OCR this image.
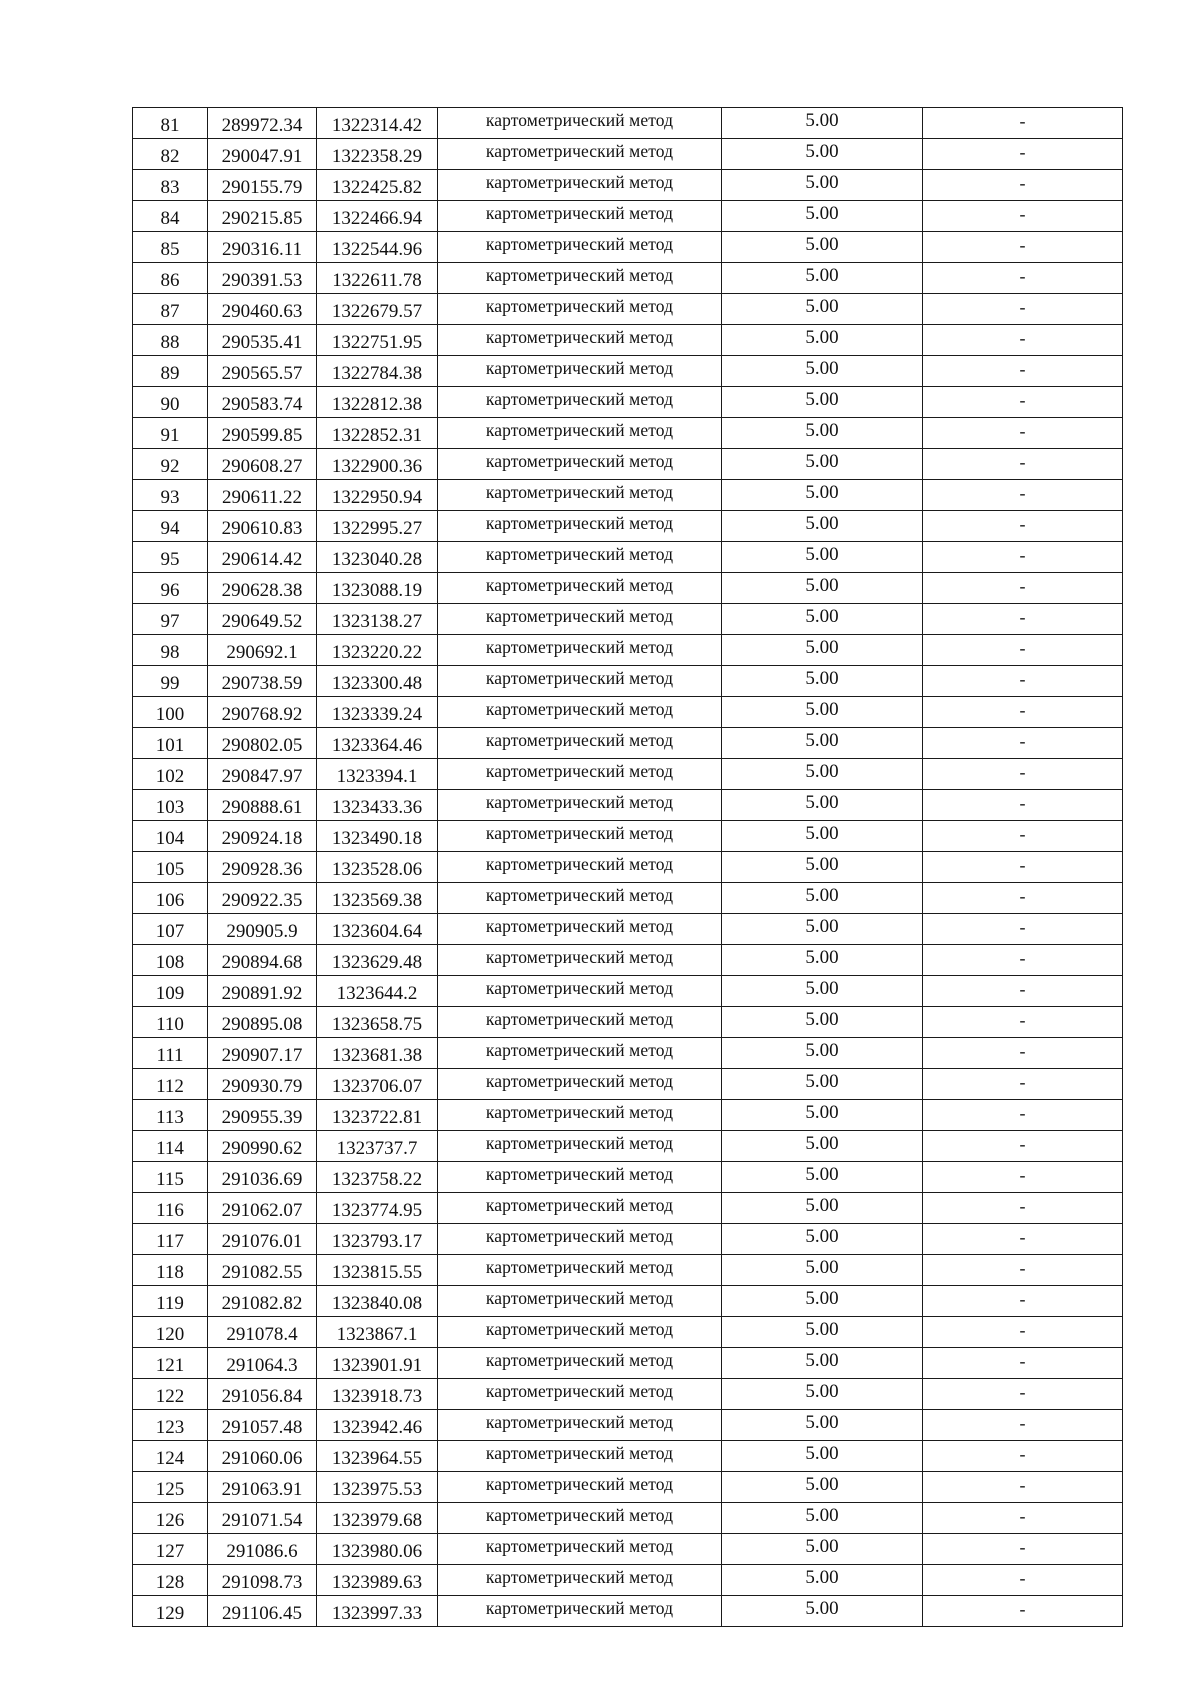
81	289972.34	1322314.42	картометрический метод	5.00	-
82	290047.91	1322358.29	картометрический метод	5.00	-
83	290155.79	1322425.82	картометрический метод	5.00	-
84	290215.85	1322466.94	картометрический метод	5.00	-
85	290316.11	1322544.96	картометрический метод	5.00	-
86	290391.53	1322611.78	картометрический метод	5.00	-
87	290460.63	1322679.57	картометрический метод	5.00	-
88	290535.41	1322751.95	картометрический метод	5.00	-
89	290565.57	1322784.38	картометрический метод	5.00	-
90	290583.74	1322812.38	картометрический метод	5.00	-
91	290599.85	1322852.31	картометрический метод	5.00	-
92	290608.27	1322900.36	картометрический метод	5.00	-
93	290611.22	1322950.94	картометрический метод	5.00	-
94	290610.83	1322995.27	картометрический метод	5.00	-
95	290614.42	1323040.28	картометрический метод	5.00	-
96	290628.38	1323088.19	картометрический метод	5.00	-
97	290649.52	1323138.27	картометрический метод	5.00	-
98	290692.1	1323220.22	картометрический метод	5.00	-
99	290738.59	1323300.48	картометрический метод	5.00	-
100	290768.92	1323339.24	картометрический метод	5.00	-
101	290802.05	1323364.46	картометрический метод	5.00	-
102	290847.97	1323394.1	картометрический метод	5.00	-
103	290888.61	1323433.36	картометрический метод	5.00	-
104	290924.18	1323490.18	картометрический метод	5.00	-
105	290928.36	1323528.06	картометрический метод	5.00	-
106	290922.35	1323569.38	картометрический метод	5.00	-
107	290905.9	1323604.64	картометрический метод	5.00	-
108	290894.68	1323629.48	картометрический метод	5.00	-
109	290891.92	1323644.2	картометрический метод	5.00	-
110	290895.08	1323658.75	картометрический метод	5.00	-
111	290907.17	1323681.38	картометрический метод	5.00	-
112	290930.79	1323706.07	картометрический метод	5.00	-
113	290955.39	1323722.81	картометрический метод	5.00	-
114	290990.62	1323737.7	картометрический метод	5.00	-
115	291036.69	1323758.22	картометрический метод	5.00	-
116	291062.07	1323774.95	картометрический метод	5.00	-
117	291076.01	1323793.17	картометрический метод	5.00	-
118	291082.55	1323815.55	картометрический метод	5.00	-
119	291082.82	1323840.08	картометрический метод	5.00	-
120	291078.4	1323867.1	картометрический метод	5.00	-
121	291064.3	1323901.91	картометрический метод	5.00	-
122	291056.84	1323918.73	картометрический метод	5.00	-
123	291057.48	1323942.46	картометрический метод	5.00	-
124	291060.06	1323964.55	картометрический метод	5.00	-
125	291063.91	1323975.53	картометрический метод	5.00	-
126	291071.54	1323979.68	картометрический метод	5.00	-
127	291086.6	1323980.06	картометрический метод	5.00	-
128	291098.73	1323989.63	картометрический метод	5.00	-
129	291106.45	1323997.33	картометрический метод	5.00	-
